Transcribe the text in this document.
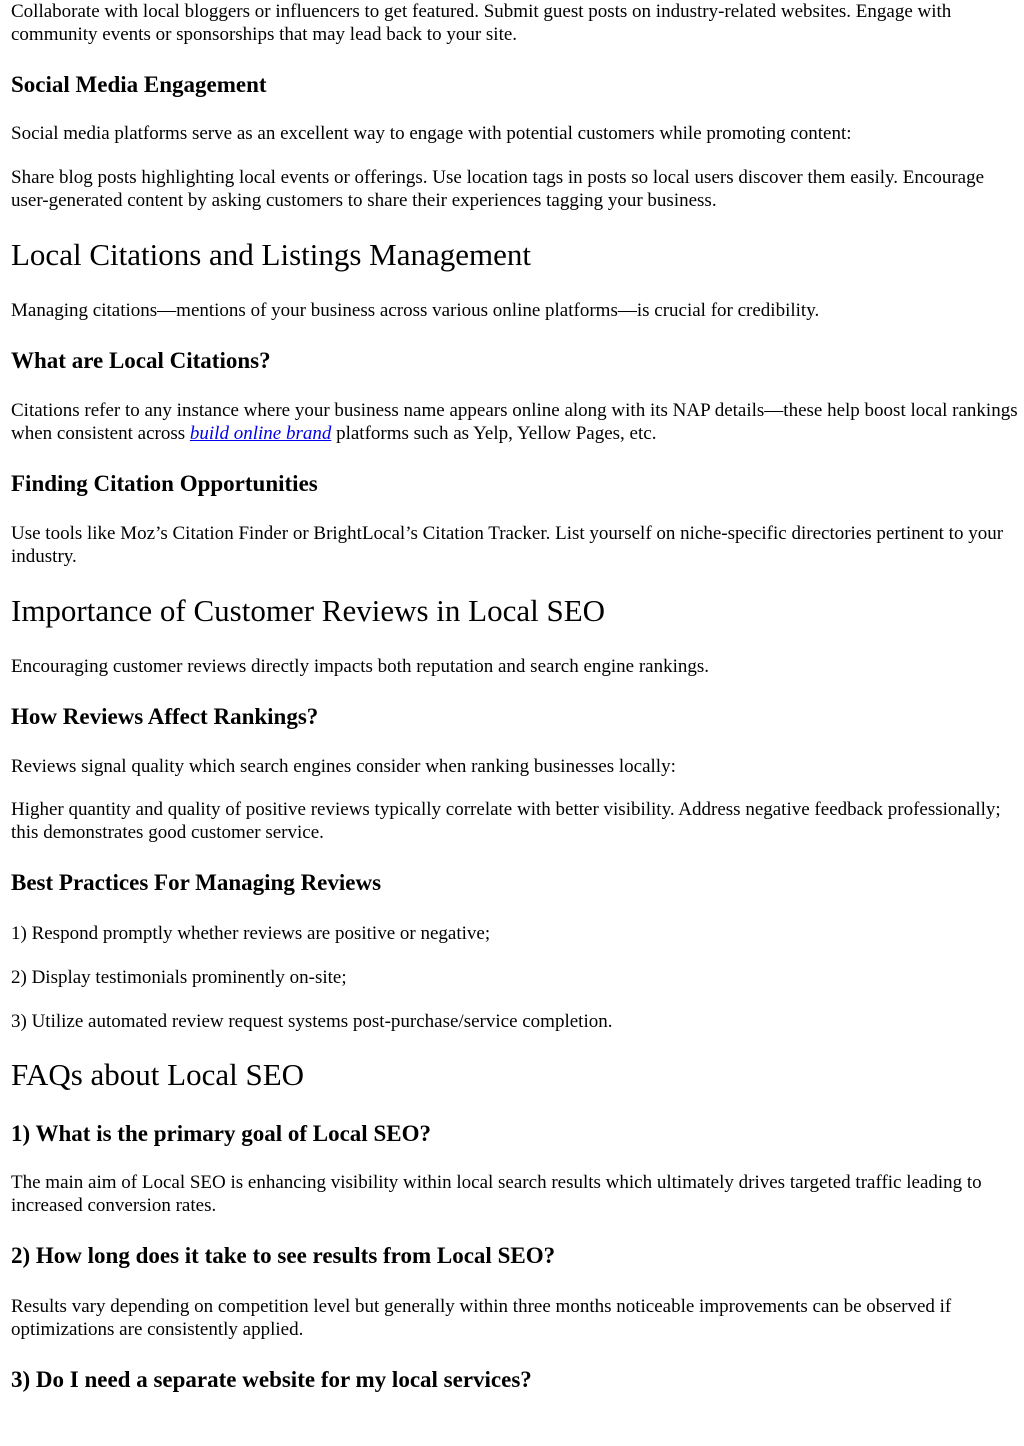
Collaborate with local bloggers or influencers to get featured. Submit guest posts on industry-related websites. Engage with community events or sponsorships that may lead back to your site.

Social Media Engagement

Social media platforms serve as an excellent way to engage with potential customers while promoting content:

Share blog posts highlighting local events or offerings. Use location tags in posts so local users discover them easily. Encourage user-generated content by asking customers to share their experiences tagging your business.

Local Citations and Listings Management

Managing citations—mentions of your business across various online platforms—is crucial for credibility.

What are Local Citations?

Citations refer to any instance where your business name appears online along with its NAP details—these help boost local rankings when consistent across build online brand platforms such as Yelp, Yellow Pages, etc.

Finding Citation Opportunities

Use tools like Moz’s Citation Finder or BrightLocal’s Citation Tracker. List yourself on niche-specific directories pertinent to your industry.

Importance of Customer Reviews in Local SEO

Encouraging customer reviews directly impacts both reputation and search engine rankings.

How Reviews Affect Rankings?

Reviews signal quality which search engines consider when ranking businesses locally:

Higher quantity and quality of positive reviews typically correlate with better visibility. Address negative feedback professionally; this demonstrates good customer service.

Best Practices For Managing Reviews

1) Respond promptly whether reviews are positive or negative;

2) Display testimonials prominently on-site;

3) Utilize automated review request systems post-purchase/service completion.

FAQs about Local SEO
1) What is the primary goal of Local SEO?

The main aim of Local SEO is enhancing visibility within local search results which ultimately drives targeted traffic leading to increased conversion rates.

2) How long does it take to see results from Local SEO?

Results vary depending on competition level but generally within three months noticeable improvements can be observed if optimizations are consistently applied.

3) Do I need a separate website for my local services?
